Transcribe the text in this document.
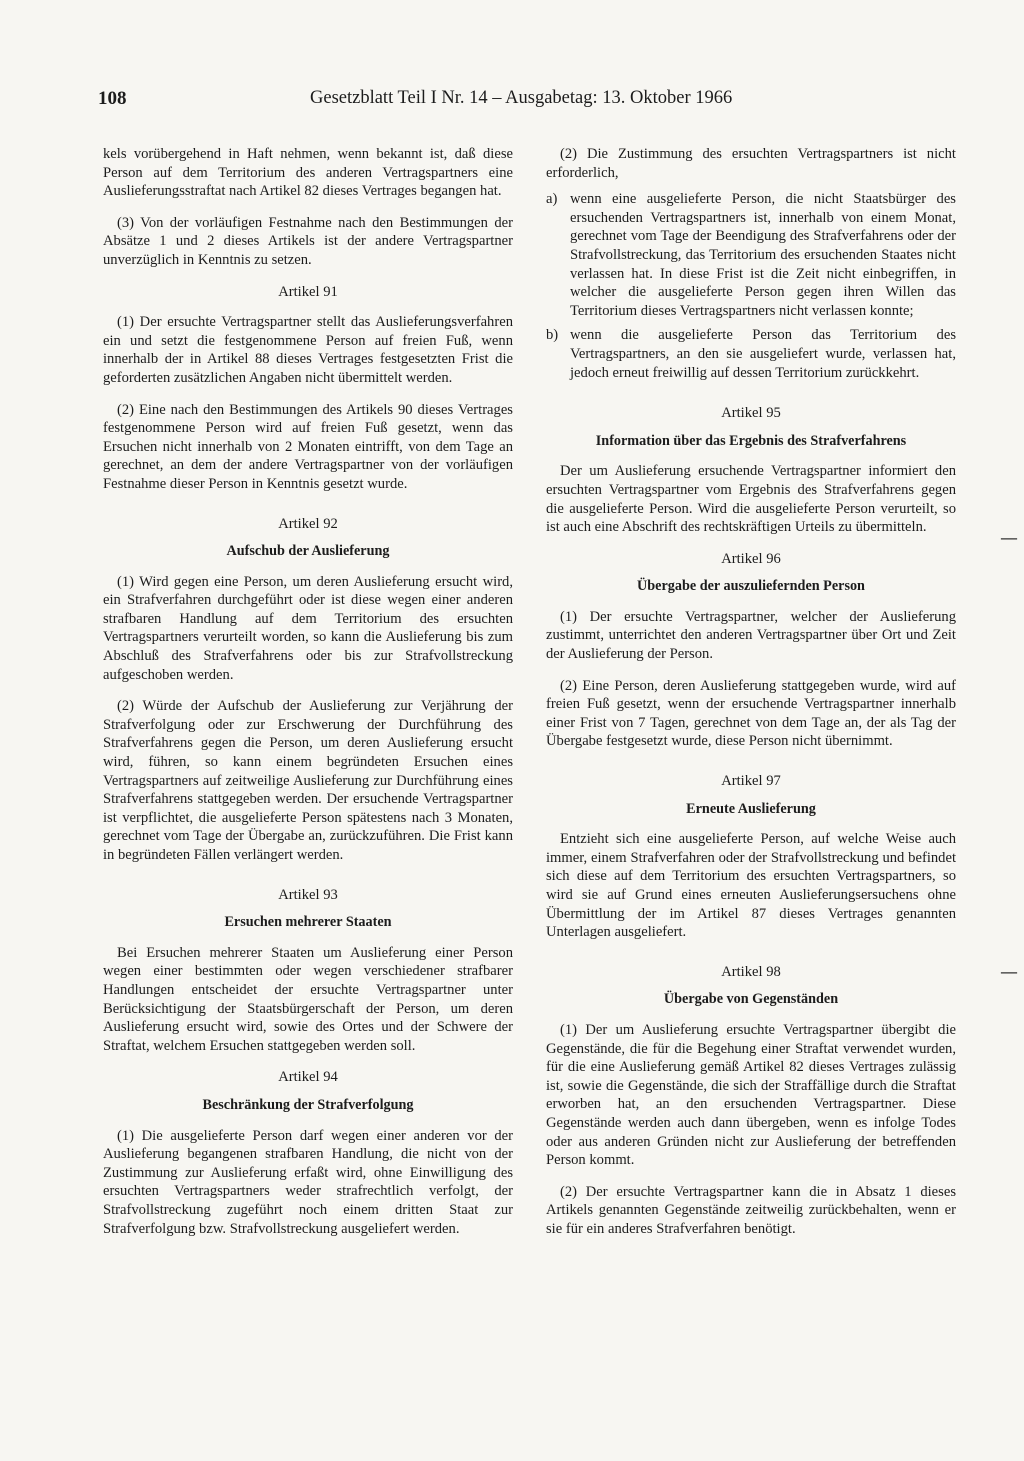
108	Gesetzblatt Teil I Nr. 14 – Ausgabetag: 13. Oktober 1966

kels vorübergehend in Haft nehmen, wenn bekannt ist, daß diese Person auf dem Territorium des anderen Vertragspartners eine Auslieferungsstraftat nach Artikel 82 dieses Vertrages begangen hat.

(3) Von der vorläufigen Festnahme nach den Bestimmungen der Absätze 1 und 2 dieses Artikels ist der andere Vertragspartner unverzüglich in Kenntnis zu setzen.

Artikel 91

(1) Der ersuchte Vertragspartner stellt das Auslieferungsverfahren ein und setzt die festgenommene Person auf freien Fuß, wenn innerhalb der in Artikel 88 dieses Vertrages festgesetzten Frist die geforderten zusätzlichen Angaben nicht übermittelt werden.

(2) Eine nach den Bestimmungen des Artikels 90 dieses Vertrages festgenommene Person wird auf freien Fuß gesetzt, wenn das Ersuchen nicht innerhalb von 2 Monaten eintrifft, von dem Tage an gerechnet, an dem der andere Vertragspartner von der vorläufigen Festnahme dieser Person in Kenntnis gesetzt wurde.

Artikel 92
Aufschub der Auslieferung

(1) Wird gegen eine Person, um deren Auslieferung ersucht wird, ein Strafverfahren durchgeführt oder ist diese wegen einer anderen strafbaren Handlung auf dem Territorium des ersuchten Vertragspartners verurteilt worden, so kann die Auslieferung bis zum Abschluß des Strafverfahrens oder bis zur Strafvollstreckung aufgeschoben werden.

(2) Würde der Aufschub der Auslieferung zur Verjährung der Strafverfolgung oder zur Erschwerung der Durchführung des Strafverfahrens gegen die Person, um deren Auslieferung ersucht wird, führen, so kann einem begründeten Ersuchen eines Vertragspartners auf zeitweilige Auslieferung zur Durchführung eines Strafverfahrens stattgegeben werden. Der ersuchende Vertragspartner ist verpflichtet, die ausgelieferte Person spätestens nach 3 Monaten, gerechnet vom Tage der Übergabe an, zurückzuführen. Die Frist kann in begründeten Fällen verlängert werden.

Artikel 93
Ersuchen mehrerer Staaten

Bei Ersuchen mehrerer Staaten um Auslieferung einer Person wegen einer bestimmten oder wegen verschiedener strafbarer Handlungen entscheidet der ersuchte Vertragspartner unter Berücksichtigung der Staatsbürgerschaft der Person, um deren Auslieferung ersucht wird, sowie des Ortes und der Schwere der Straftat, welchem Ersuchen stattgegeben werden soll.

Artikel 94
Beschränkung der Strafverfolgung

(1) Die ausgelieferte Person darf wegen einer anderen vor der Auslieferung begangenen strafbaren Handlung, die nicht von der Zustimmung zur Auslieferung erfaßt wird, ohne Einwilligung des ersuchten Vertragspartners weder strafrechtlich verfolgt, der Strafvollstreckung zugeführt noch einem dritten Staat zur Strafverfolgung bzw. Strafvollstreckung ausgeliefert werden.

(2) Die Zustimmung des ersuchten Vertragspartners ist nicht erforderlich,

a) wenn eine ausgelieferte Person, die nicht Staatsbürger des ersuchenden Vertragspartners ist, innerhalb von einem Monat, gerechnet vom Tage der Beendigung des Strafverfahrens oder der Strafvollstreckung, das Territorium des ersuchenden Staates nicht verlassen hat. In diese Frist ist die Zeit nicht einbegriffen, in welcher die ausgelieferte Person gegen ihren Willen das Territorium dieses Vertragspartners nicht verlassen konnte;
b) wenn die ausgelieferte Person das Territorium des Vertragspartners, an den sie ausgeliefert wurde, verlassen hat, jedoch erneut freiwillig auf dessen Territorium zurückkehrt.
Artikel 95
Information über das Ergebnis des Strafverfahrens

Der um Auslieferung ersuchende Vertragspartner informiert den ersuchten Vertragspartner vom Ergebnis des Strafverfahrens gegen die ausgelieferte Person. Wird die ausgelieferte Person verurteilt, so ist auch eine Abschrift des rechtskräftigen Urteils zu übermitteln.

Artikel 96
Übergabe der auszuliefernden Person

(1) Der ersuchte Vertragspartner, welcher der Auslieferung zustimmt, unterrichtet den anderen Vertragspartner über Ort und Zeit der Auslieferung der Person.

(2) Eine Person, deren Auslieferung stattgegeben wurde, wird auf freien Fuß gesetzt, wenn der ersuchende Vertragspartner innerhalb einer Frist von 7 Tagen, gerechnet von dem Tage an, der als Tag der Übergabe festgesetzt wurde, diese Person nicht übernimmt.

Artikel 97
Erneute Auslieferung

Entzieht sich eine ausgelieferte Person, auf welche Weise auch immer, einem Strafverfahren oder der Strafvollstreckung und befindet sich diese auf dem Territorium des ersuchten Vertragspartners, so wird sie auf Grund eines erneuten Auslieferungsersuchens ohne Übermittlung der im Artikel 87 dieses Vertrages genannten Unterlagen ausgeliefert.

Artikel 98
Übergabe von Gegenständen

(1) Der um Auslieferung ersuchte Vertragspartner übergibt die Gegenstände, die für die Begehung einer Straftat verwendet wurden, für die eine Auslieferung gemäß Artikel 82 dieses Vertrages zulässig ist, sowie die Gegenstände, die sich der Straffällige durch die Straftat erworben hat, an den ersuchenden Vertragspartner. Diese Gegenstände werden auch dann übergeben, wenn es infolge Todes oder aus anderen Gründen nicht zur Auslieferung der betreffenden Person kommt.

(2) Der ersuchte Vertragspartner kann die in Absatz 1 dieses Artikels genannten Gegenstände zeitweilig zurückbehalten, wenn er sie für ein anderes Strafverfahren benötigt.

—
—
